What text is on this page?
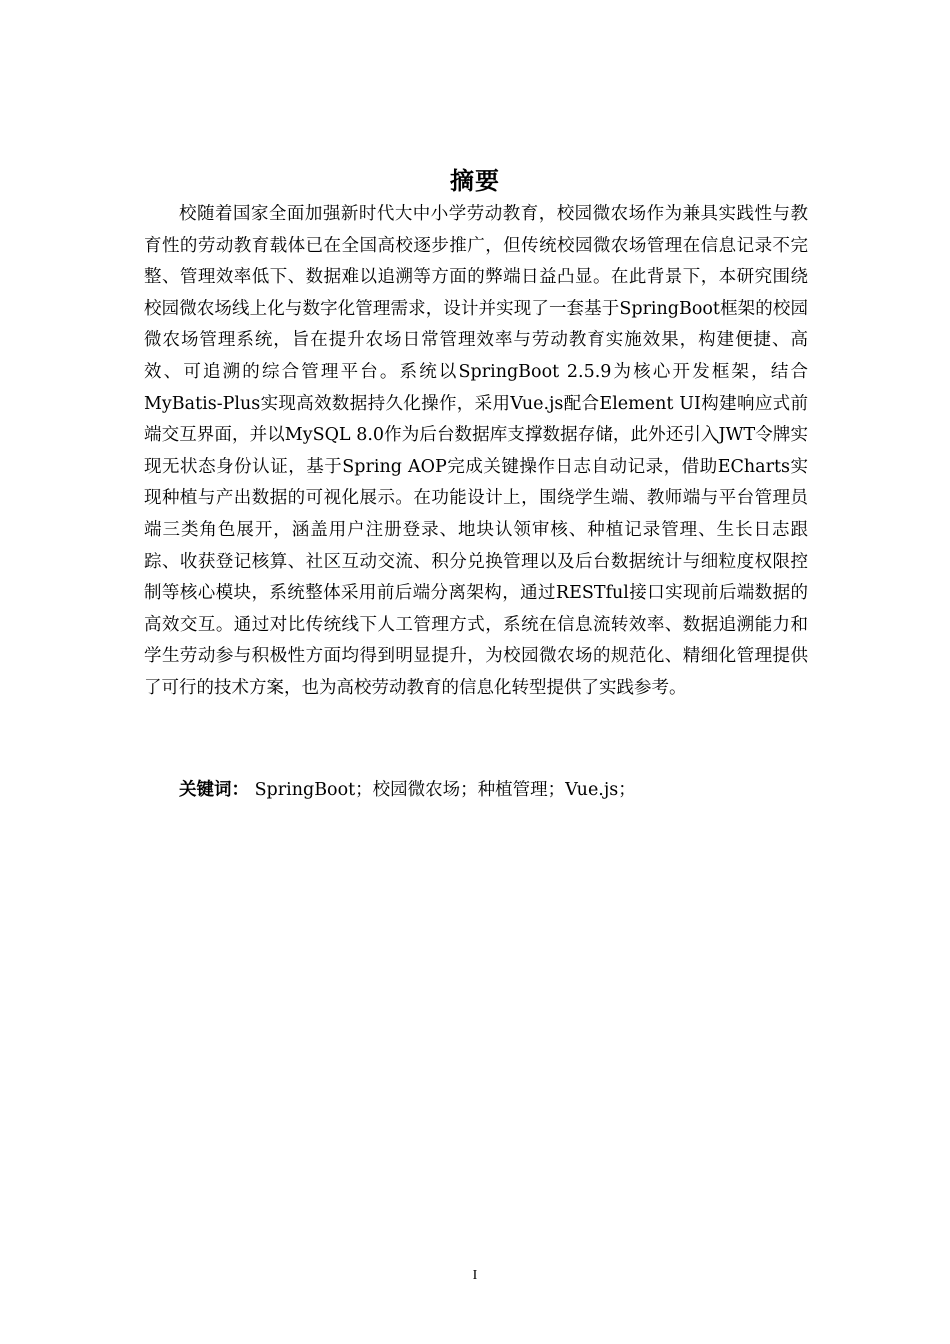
摘要

校随着国家全面加强新时代大中小学劳动教育，校园微农场作为兼具实践性与教育性的劳动教育载体已在全国高校逐步推广，但传统校园微农场管理在信息记录不完整、管理效率低下、数据难以追溯等方面的弊端日益凸显。在此背景下，本研究围绕校园微农场线上化与数字化管理需求，设计并实现了一套基于SpringBoot框架的校园微农场管理系统，旨在提升农场日常管理效率与劳动教育实施效果，构建便捷、高效、可追溯的综合管理平台。系统以SpringBoot 2.5.9为核心开发框架，结合MyBatis-Plus实现高效数据持久化操作，采用Vue.js配合Element UI构建响应式前端交互界面，并以MySQL 8.0作为后台数据库支撑数据存储，此外还引入JWT令牌实现无状态身份认证，基于Spring AOP完成关键操作日志自动记录，借助ECharts实现种植与产出数据的可视化展示。在功能设计上，围绕学生端、教师端与平台管理员端三类角色展开，涵盖用户注册登录、地块认领审核、种植记录管理、生长日志跟踪、收获登记核算、社区互动交流、积分兑换管理以及后台数据统计与细粒度权限控制等核心模块，系统整体采用前后端分离架构，通过RESTful接口实现前后端数据的高效交互。通过对比传统线下人工管理方式，系统在信息流转效率、数据追溯能力和学生劳动参与积极性方面均得到明显提升，为校园微农场的规范化、精细化管理提供了可行的技术方案，也为高校劳动教育的信息化转型提供了实践参考。

关键词： SpringBoot；校园微农场；种植管理；Vue.js；

I
